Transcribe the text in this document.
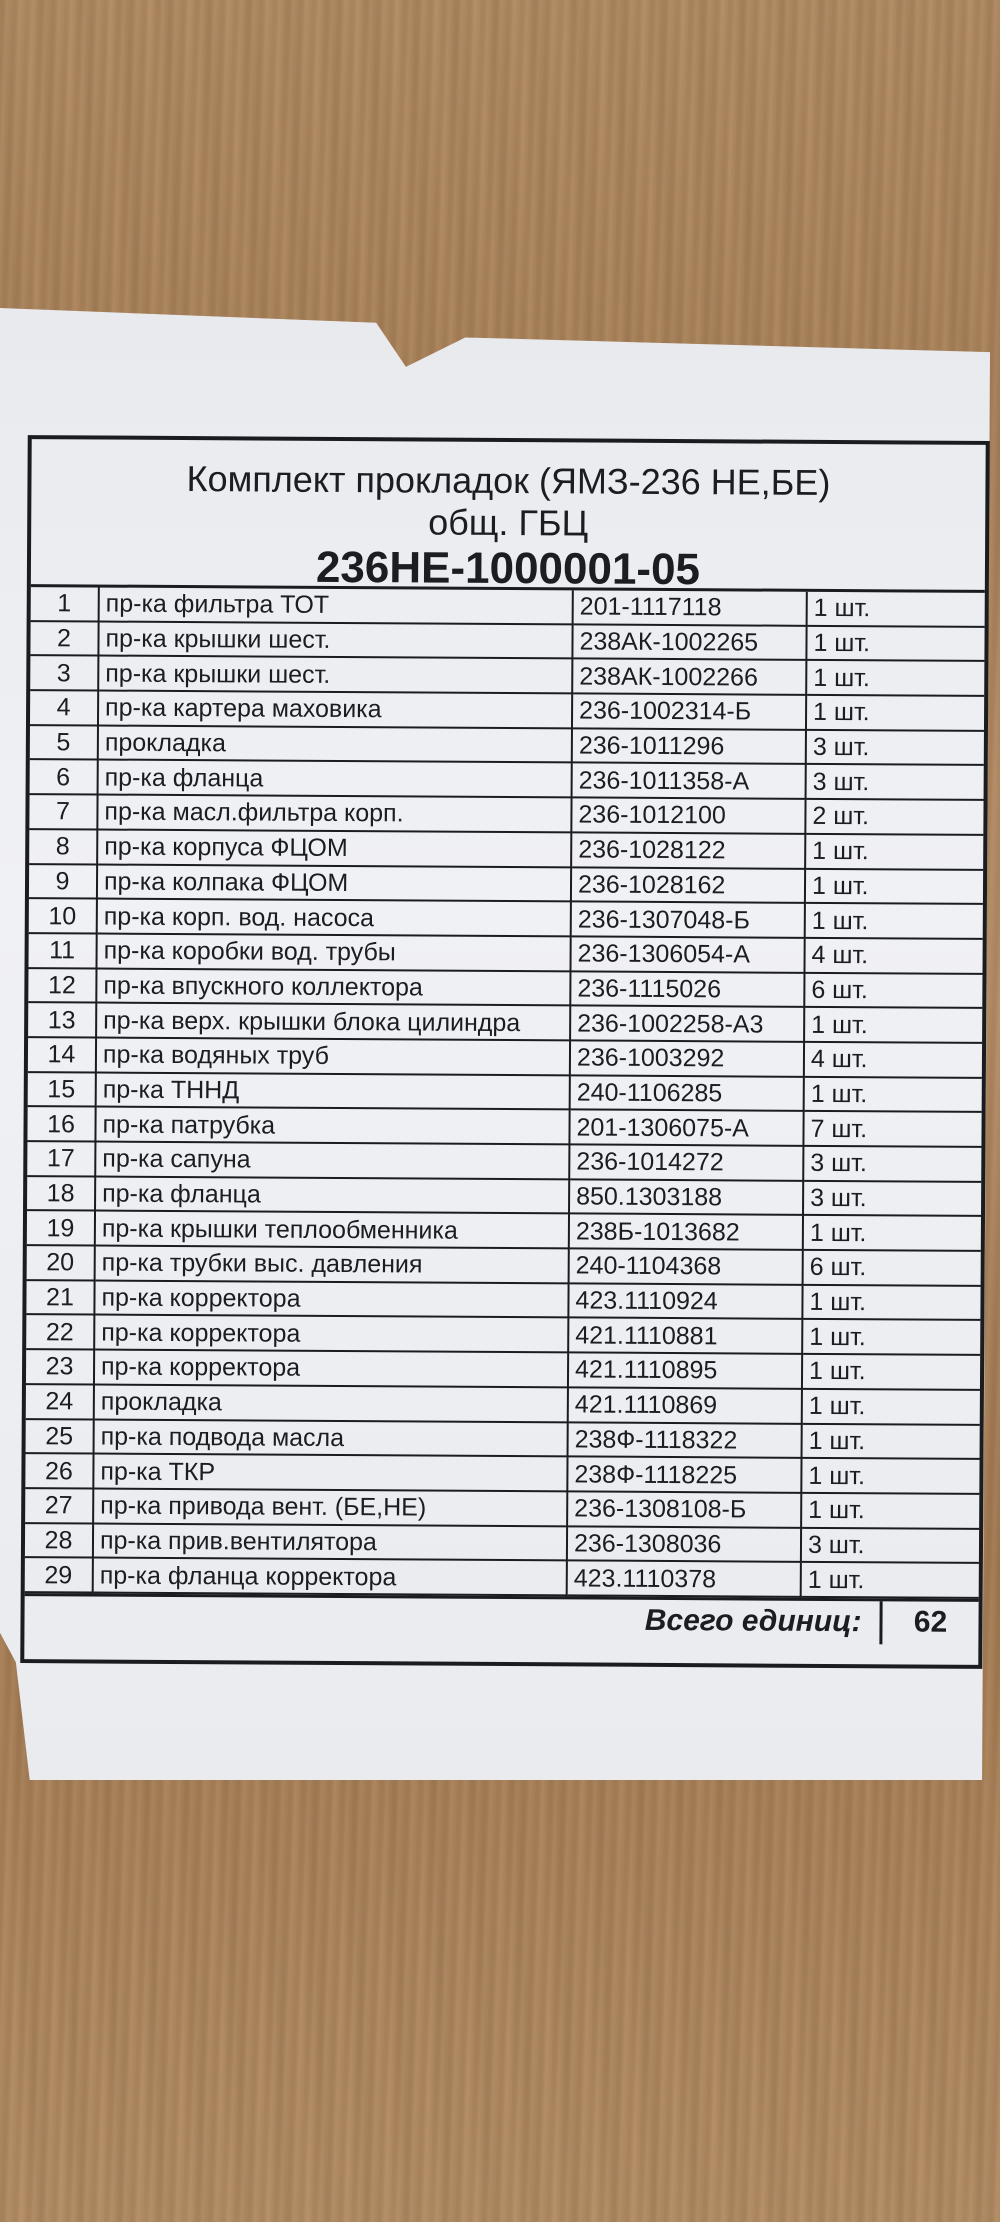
Комплект прокладок (ЯМЗ-236 НЕ,БЕ)
общ. ГБЦ
236НЕ-1000001-05
1	пр-ка фильтра ТОТ	201-1117118	1 шт.
2	пр-ка крышки шест.	238АК-1002265	1 шт.
3	пр-ка крышки шест.	238АК-1002266	1 шт.
4	пр-ка картера маховика	236-1002314-Б	1 шт.
5	прокладка	236-1011296	3 шт.
6	пр-ка фланца	236-1011358-А	3 шт.
7	пр-ка масл.фильтра корп.	236-1012100	2 шт.
8	пр-ка корпуса ФЦОМ	236-1028122	1 шт.
9	пр-ка колпака ФЦОМ	236-1028162	1 шт.
10	пр-ка корп. вод. насоса	236-1307048-Б	1 шт.
11	пр-ка коробки вод. трубы	236-1306054-А	4 шт.
12	пр-ка впускного коллектора	236-1115026	6 шт.
13	пр-ка верх. крышки блока цилиндра	236-1002258-А3	1 шт.
14	пр-ка водяных труб	236-1003292	4 шт.
15	пр-ка ТННД	240-1106285	1 шт.
16	пр-ка патрубка	201-1306075-А	7 шт.
17	пр-ка сапуна	236-1014272	3 шт.
18	пр-ка фланца	850.1303188	3 шт.
19	пр-ка крышки теплообменника	238Б-1013682	1 шт.
20	пр-ка трубки выс. давления	240-1104368	6 шт.
21	пр-ка корректора	423.1110924	1 шт.
22	пр-ка корректора	421.1110881	1 шт.
23	пр-ка корректора	421.1110895	1 шт.
24	прокладка	421.1110869	1 шт.
25	пр-ка подвода масла	238Ф-1118322	1 шт.
26	пр-ка ТКР	238Ф-1118225	1 шт.
27	пр-ка привода вент. (БЕ,НЕ)	236-1308108-Б	1 шт.
28	пр-ка прив.вентилятора	236-1308036	3 шт.
29	пр-ка фланца корректора	423.1110378	1 шт.
Всего единиц:	62
